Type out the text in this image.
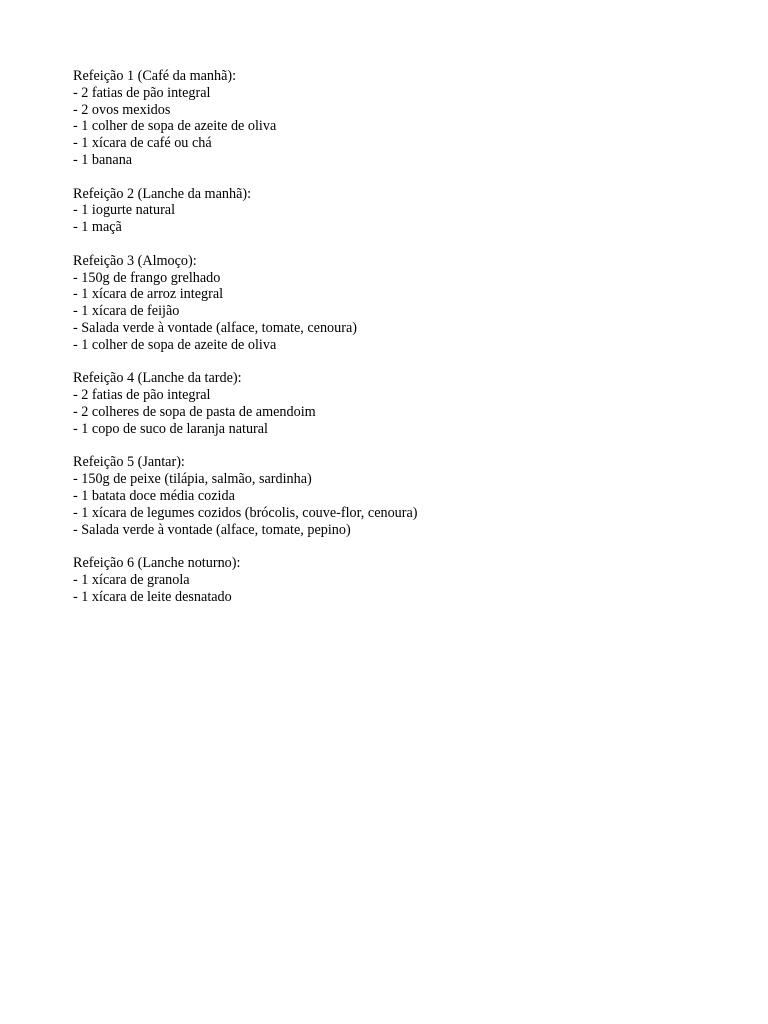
Refeição 1 (Café da manhã):
- 2 fatias de pão integral
- 2 ovos mexidos
- 1 colher de sopa de azeite de oliva
- 1 xícara de café ou chá
- 1 banana
Refeição 2 (Lanche da manhã):
- 1 iogurte natural
- 1 maçã
Refeição 3 (Almoço):
- 150g de frango grelhado
- 1 xícara de arroz integral
- 1 xícara de feijão
- Salada verde à vontade (alface, tomate, cenoura)
- 1 colher de sopa de azeite de oliva
Refeição 4 (Lanche da tarde):
- 2 fatias de pão integral
- 2 colheres de sopa de pasta de amendoim
- 1 copo de suco de laranja natural
Refeição 5 (Jantar):
- 150g de peixe (tilápia, salmão, sardinha)
- 1 batata doce média cozida
- 1 xícara de legumes cozidos (brócolis, couve-flor, cenoura)
- Salada verde à vontade (alface, tomate, pepino)
Refeição 6 (Lanche noturno):
- 1 xícara de granola
- 1 xícara de leite desnatado
